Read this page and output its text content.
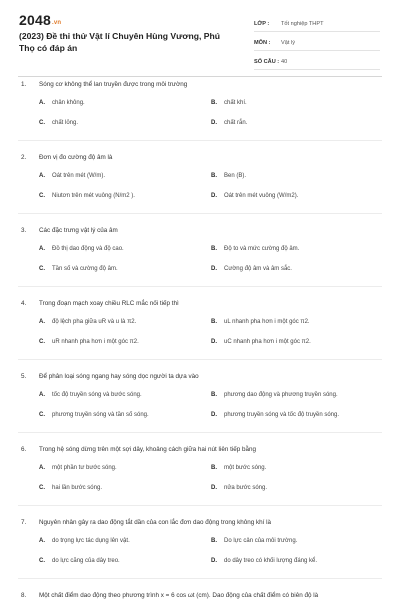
2048.vn
(2023) Đề thi thử Vật lí Chuyên Hùng Vương, Phú Thọ có đáp án
LỚP :	Tốt nghiệp THPT
MÔN :	Vật lý
SỐ CÂU : 40
1.	Sóng cơ không thể lan truyền được trong môi trường
A.	chân không.	B.	chất khí.
C.	chất lỏng.	D.	chất rắn.
2.	Đơn vị đo cường độ âm là
A.	Oát trên mét (W/m).	B.	Ben (B).
C.	Niutơn trên mét vuông (N/m2 ).	D.	Oát trên mét vuông (W/m2).
3.	Các đặc trưng vật lý của âm
A.	Đồ thị dao động và độ cao.	B.	Độ to và mức cường độ âm.
C.	Tần số và cường độ âm.	D.	Cường độ âm và âm sắc.
4.	Trong đoạn mạch xoay chiều RLC mắc nối tiếp thì
A.	độ lệch pha giữa uR và u là π2.	B.	uL nhanh pha hơn i một góc π2.
C.	uR nhanh pha hơn i một góc π2.	D.	uC nhanh pha hơn i một góc π2.
5.	Để phân loại sóng ngang hay sóng dọc người ta dựa vào
A.	tốc độ truyền sóng và bước sóng.	B.	phương dao động và phương truyền sóng.
C.	phương truyền sóng và tần số sóng.	D.	phương truyền sóng và tốc độ truyền sóng.
6.	Trong hệ sóng dừng trên một sợi dây, khoảng cách giữa hai nút liên tiếp bằng
A.	một phần tư bước sóng.	B.	một bước sóng.
C.	hai lần bước sóng.	D.	nửa bước sóng.
7.	Nguyên nhân gây ra dao động tắt dần của con lắc đơn dao động trong không khí là
A.	do trọng lực tác dụng lên vật.	B.	Do lực cản của môi trường.
C.	do lực căng của dây treo.	D.	do dây treo có khối lượng đáng kể.
8.	Một chất điểm dao động theo phương trình x = 6 cos ωt (cm). Dao động của chất điểm có biên độ là
